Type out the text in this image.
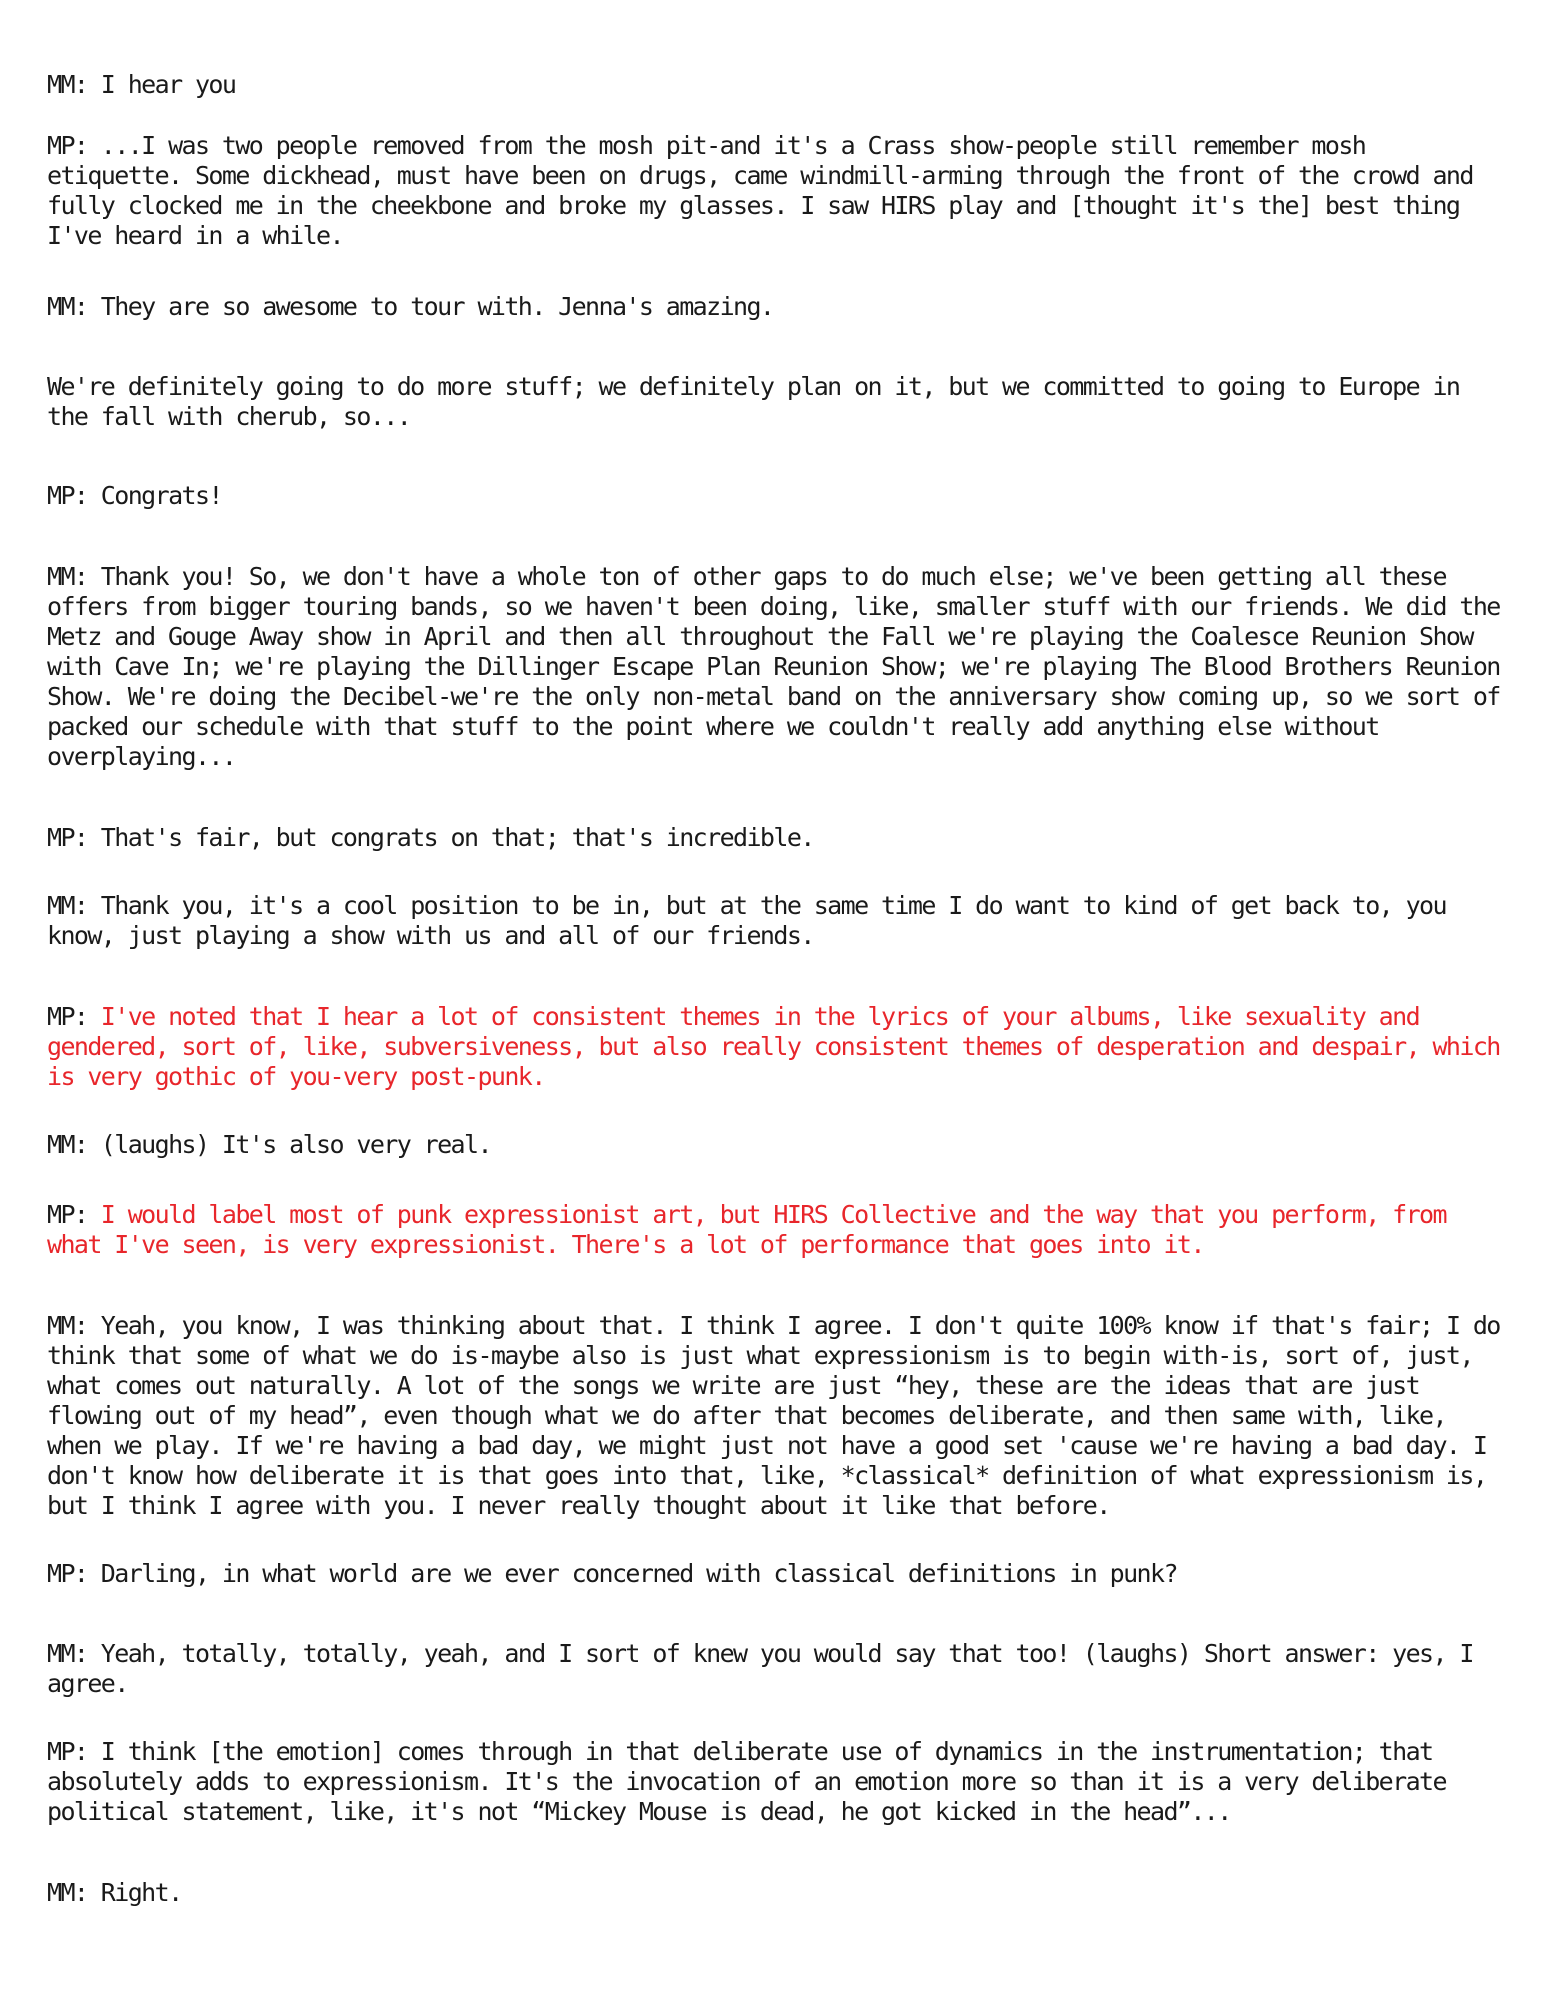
MM: I hear you

MP: ...I was two people removed from the mosh pit-and it's a Crass show-people still remember mosh etiquette. Some dickhead, must have been on drugs, came windmill-arming through the front of the crowd and fully clocked me in the cheekbone and broke my glasses. I saw HIRS play and [thought it's the] best thing I've heard in a while.

MM: They are so awesome to tour with. Jenna's amazing.

We're definitely going to do more stuff; we definitely plan on it, but we committed to going to Europe in the fall with cherub, so...

MP: Congrats!

MM: Thank you! So, we don't have a whole ton of other gaps to do much else; we've been getting all these offers from bigger touring bands, so we haven't been doing, like, smaller stuff with our friends. We did the Metz and Gouge Away show in April and then all throughout the Fall we're playing the Coalesce Reunion Show with Cave In; we're playing the Dillinger Escape Plan Reunion Show; we're playing The Blood Brothers Reunion Show. We're doing the Decibel-we're the only non-metal band on the anniversary show coming up, so we sort of packed our schedule with that stuff to the point where we couldn't really add anything else without overplaying...

MP: That's fair, but congrats on that; that's incredible.

MM: Thank you, it's a cool position to be in, but at the same time I do want to kind of get back to, you know, just playing a show with us and all of our friends.

MP: I've noted that I hear a lot of consistent themes in the lyrics of your albums, like sexuality and gendered, sort of, like, subversiveness, but also really consistent themes of desperation and despair, which is very gothic of you-very post-punk.

MM: (laughs) It's also very real.

MP: I would label most of punk expressionist art, but HIRS Collective and the way that you perform, from what I've seen, is very expressionist. There's a lot of performance that goes into it.

MM: Yeah, you know, I was thinking about that. I think I agree. I don't quite 100% know if that's fair; I do think that some of what we do is-maybe also is just what expressionism is to begin with-is, sort of, just, what comes out naturally. A lot of the songs we write are just “hey, these are the ideas that are just flowing out of my head”, even though what we do after that becomes deliberate, and then same with, like, when we play. If we're having a bad day, we might just not have a good set 'cause we're having a bad day. I don't know how deliberate it is that goes into that, like, *classical* definition of what expressionism is, but I think I agree with you. I never really thought about it like that before.

MP: Darling, in what world are we ever concerned with classical definitions in punk?

MM: Yeah, totally, totally, yeah, and I sort of knew you would say that too! (laughs) Short answer: yes, I agree.

MP: I think [the emotion] comes through in that deliberate use of dynamics in the instrumentation; that absolutely adds to expressionism. It's the invocation of an emotion more so than it is a very deliberate political statement, like, it's not “Mickey Mouse is dead, he got kicked in the head”...

MM: Right.
